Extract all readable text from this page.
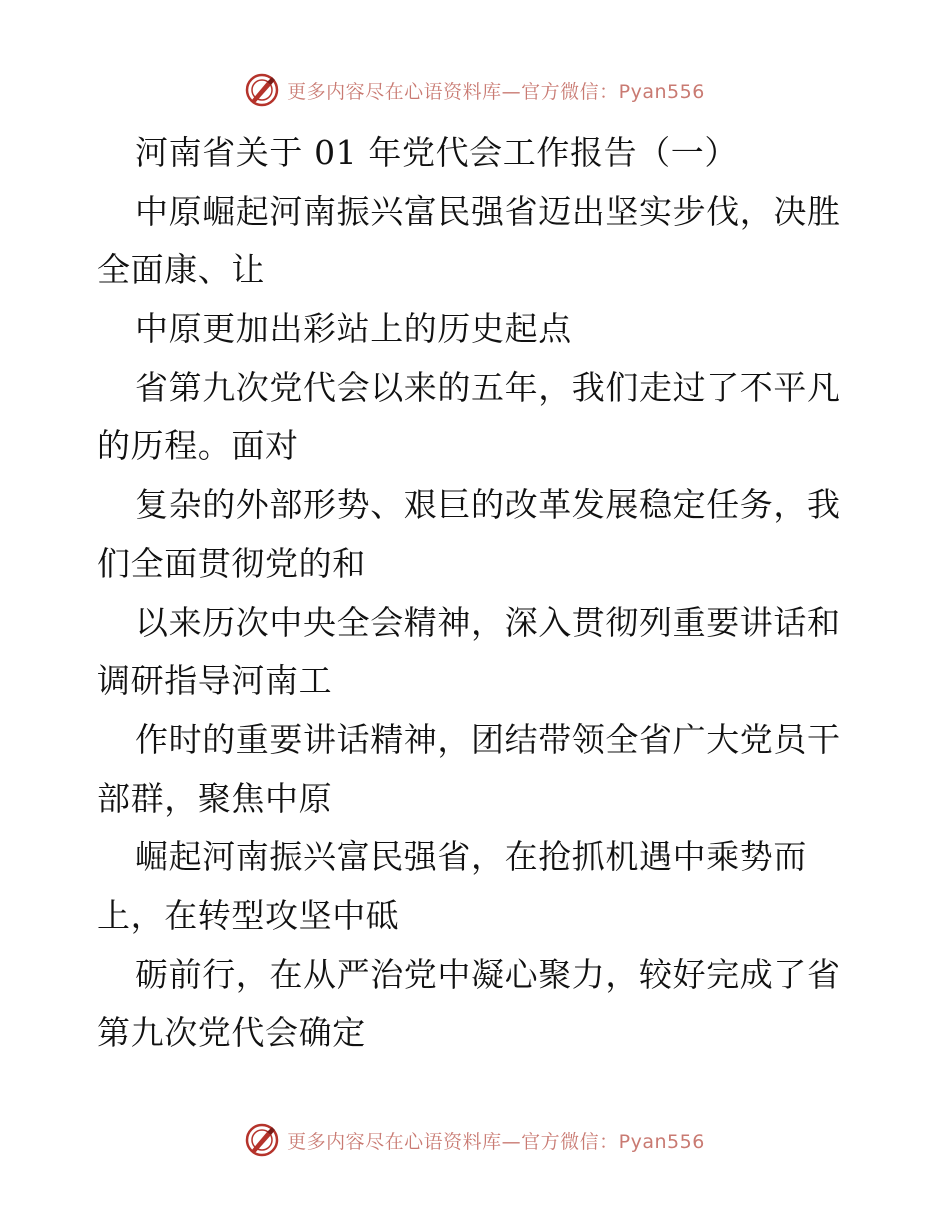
更多内容尽在心语资料库—官方微信：Pyan556
河南省关于 01 年党代会工作报告（一）
中原崛起河南振兴富民强省迈出坚实步伐，决胜
全面康、让
中原更加出彩站上的历史起点
省第九次党代会以来的五年，我们走过了不平凡
的历程。面对
复杂的外部形势、艰巨的改革发展稳定任务，我
们全面贯彻党的和
以来历次中央全会精神，深入贯彻列重要讲话和
调研指导河南工
作时的重要讲话精神，团结带领全省广大党员干
部群，聚焦中原
崛起河南振兴富民强省，在抢抓机遇中乘势而
上，在转型攻坚中砥
砺前行，在从严治党中凝心聚力，较好完成了省
第九次党代会确定
更多内容尽在心语资料库—官方微信：Pyan556
